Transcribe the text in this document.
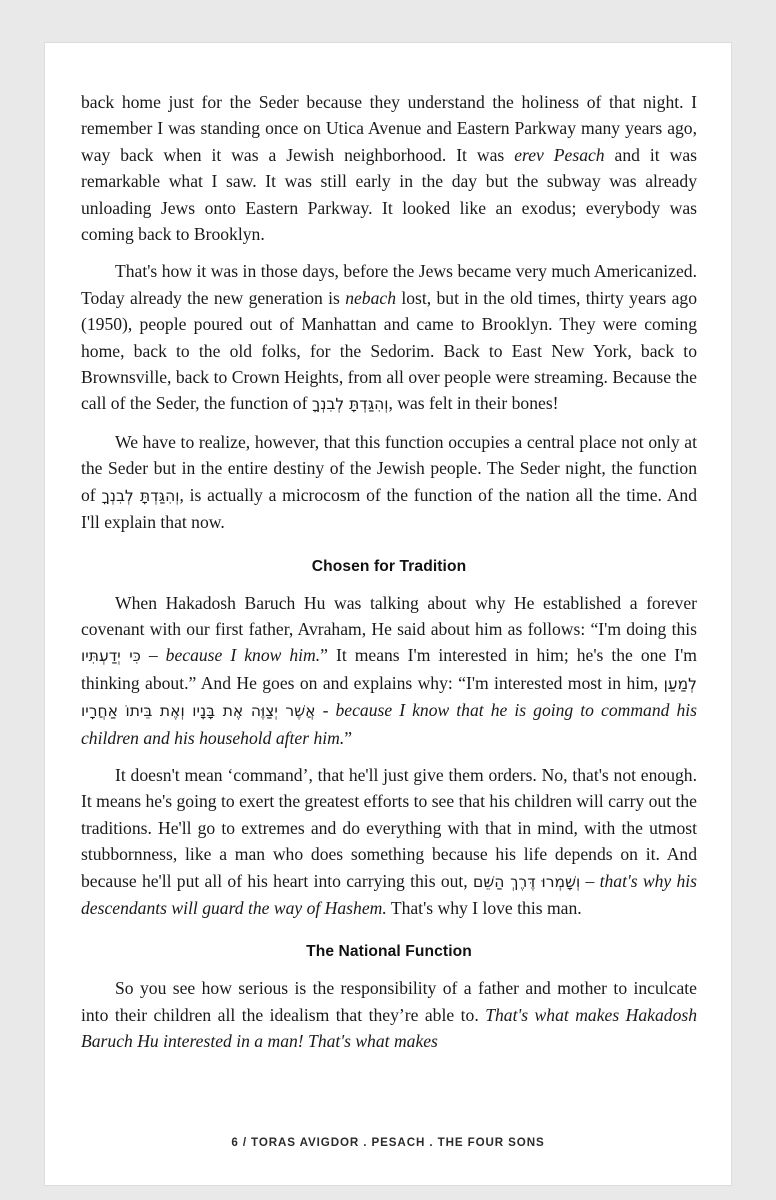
back home just for the Seder because they understand the holiness of that night. I remember I was standing once on Utica Avenue and Eastern Parkway many years ago, way back when it was a Jewish neighborhood. It was erev Pesach and it was remarkable what I saw. It was still early in the day but the subway was already unloading Jews onto Eastern Parkway. It looked like an exodus; everybody was coming back to Brooklyn.

That's how it was in those days, before the Jews became very much Americanized. Today already the new generation is nebach lost, but in the old times, thirty years ago (1950), people poured out of Manhattan and came to Brooklyn. They were coming home, back to the old folks, for the Sedorim. Back to East New York, back to Brownsville, back to Crown Heights, from all over people were streaming. Because the call of the Seder, the function of וְהִגַּדְתָּ לְבִנְךָ, was felt in their bones!

We have to realize, however, that this function occupies a central place not only at the Seder but in the entire destiny of the Jewish people. The Seder night, the function of וְהִגַּדְתָּ לְבִנְךָ, is actually a microcosm of the function of the nation all the time. And I'll explain that now.

Chosen for Tradition

When Hakadosh Baruch Hu was talking about why He established a forever covenant with our first father, Avraham, He said about him as follows: “I'm doing this כִּי יְדַעְתִּיו – because I know him.” It means I'm interested in him; he's the one I'm thinking about.” And He goes on and explains why: “I'm interested most in him, לְמַעַן אֲשֶׁר יְצַוֶּה אֶת בָּנָיו וְאֶת בֵּיתוֹ אַחֲרָיו - because I know that he is going to command his children and his household after him.”

It doesn't mean ‘command’, that he'll just give them orders. No, that's not enough. It means he's going to exert the greatest efforts to see that his children will carry out the traditions. He'll go to extremes and do everything with that in mind, with the utmost stubbornness, like a man who does something because his life depends on it. And because he'll put all of his heart into carrying this out, וְשָׁמְרוּ דֶּרֶךְ הַשֵּׁם – that's why his descendants will guard the way of Hashem. That's why I love this man.

The National Function

So you see how serious is the responsibility of a father and mother to inculcate into their children all the idealism that they’re able to. That's what makes Hakadosh Baruch Hu interested in a man! That's what makes

6 / TORAS AVIGDOR . PESACH . THE FOUR SONS
